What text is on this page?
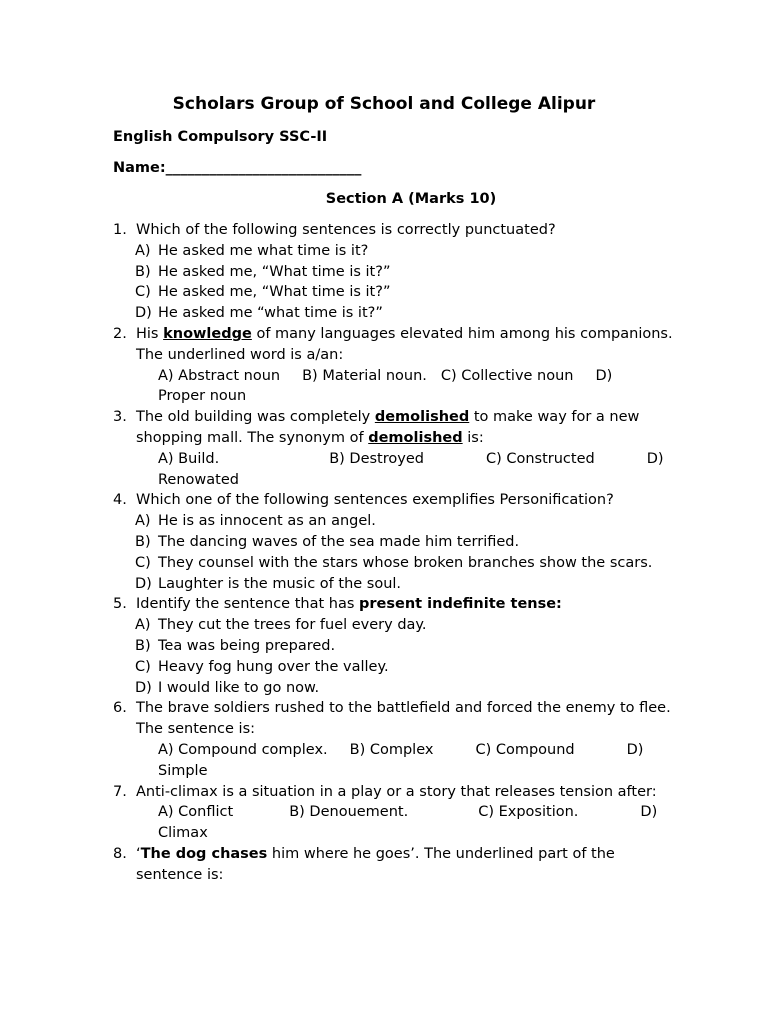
Scholars Group of School and College Alipur
English Compulsory SSC-II
Name:___________________________
Section A (Marks 10)
1. Which of the following sentences is correctly punctuated?
A) He asked me what time is it?
B) He asked me, “What time is it?”
C) He asked me, “What time is it?”
D) He asked me “what time is it?”
2. His knowledge of many languages elevated him among his companions. The underlined word is a/an:
A) Abstract noun B) Material noun. C) Collective noun D)
Proper noun
3. The old building was completely demolished to make way for a new shopping mall. The synonym of demolished is:
A) Build.	B) Destroyed	C) Constructed	D)
Renowated
4. Which one of the following sentences exemplifies Personification?
A) He is as innocent as an angel.
B) The dancing waves of the sea made him terrified.
C) They counsel with the stars whose broken branches show the scars.
D) Laughter is the music of the soul.
5. Identify the sentence that has present indefinite tense:
A) They cut the trees for fuel every day.
B) Tea was being prepared.
C) Heavy fog hung over the valley.
D) I would like to go now.
6. The brave soldiers rushed to the battlefield and forced the enemy to flee. The sentence is:
A) Compound complex. B) Complex	C) Compound	D)
Simple
7. Anti-climax is a situation in a play or a story that releases tension after:
A) Conflict	B) Denouement.	C) Exposition.	D)
Climax
8. ‘The dog chases him where he goes’. The underlined part of the sentence is:
